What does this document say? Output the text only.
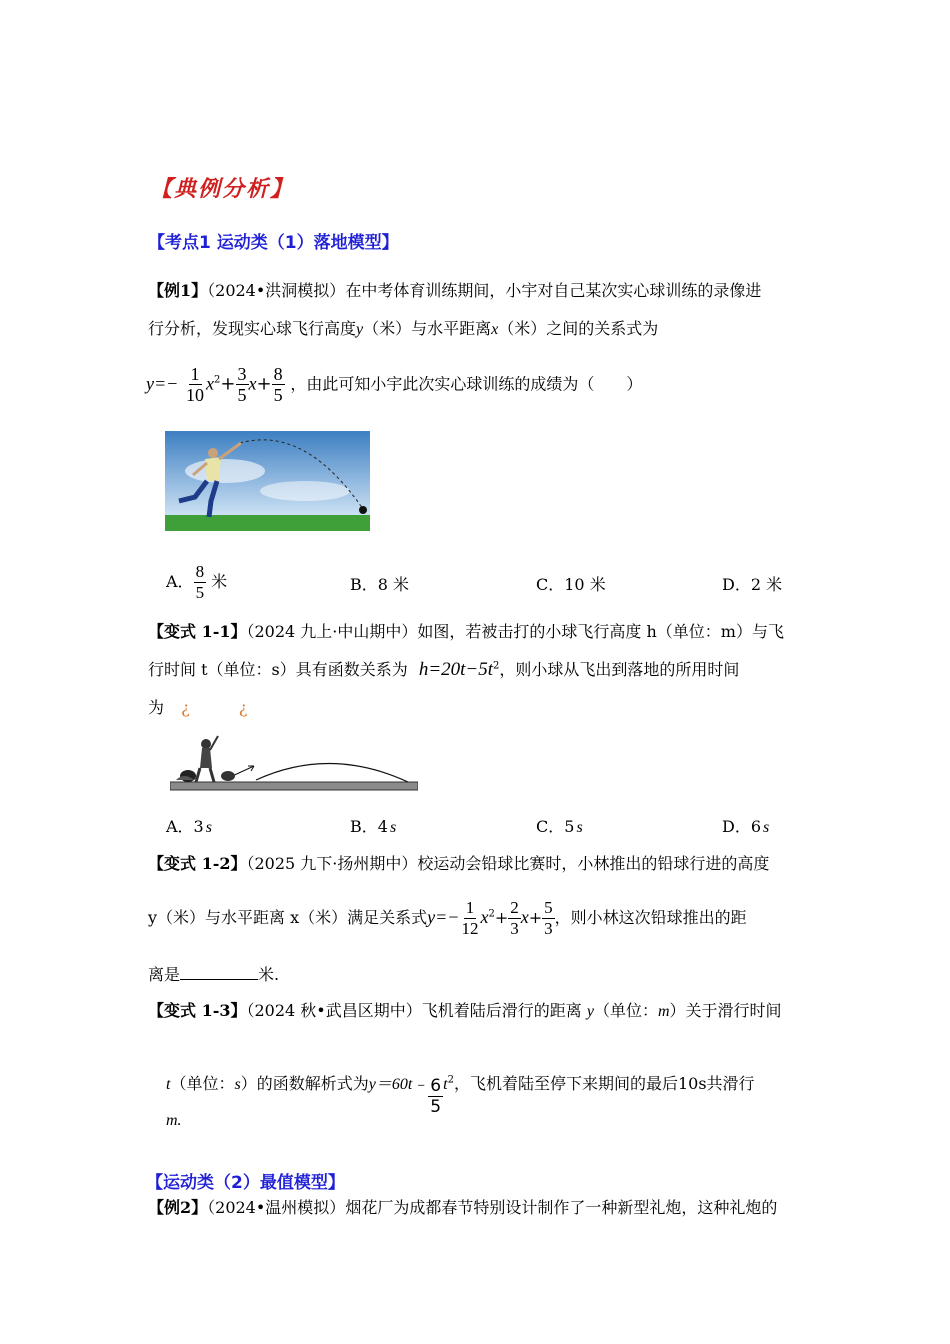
【典例分析】
【考点1 运动类（1）落地模型】
【例1】（2024•洪洞模拟）在中考体育训练期间，小宇对自己某次实心球训练的录像进
行分析，发现实心球飞行高度y（米）与水平距离x（米）之间的关系式为
$y=- \frac{1}{10} x^2+ \frac{3}{5} x+ \frac{8}{5}$ ，由此可知小宇此次实心球训练的成绩为（　　）
A． $\frac{8}{5}$ 米	B．8 米	C．10 米	D．2 米
【变式 1-1】（2024 九上·中山期中）如图，若被击打的小球飞行高度 h（单位：m）与飞
行时间 t（单位：s）具有函数关系为 $h=20t-5t^2$，则小球从飞出到落地的所用时间
为 ¿	¿
A．3 s	B．4 s	C．5 s	D．6 s
【变式 1-2】（2025 九下·扬州期中）校运动会铅球比赛时，小林推出的铅球行进的高度
y（米）与水平距离 x（米）满足关系式$y=- \frac{1}{12} x^2+ \frac{2}{3} x+ \frac{5}{3}$ ，则小林这次铅球推出的距
离是	米.
【变式 1-3】（2024 秋•武昌区期中）飞机着陆后滑行的距离 y（单位：m）关于滑行时间
t（单位：s）的函数解析式为y＝60t﹣ $\frac{6}{5} t^2$，飞机着陆至停下来期间的最后10s共滑行
m.
【运动类（2）最值模型】
【例2】（2024•温州模拟）烟花厂为成都春节特别设计制作了一种新型礼炮，这种礼炮的
